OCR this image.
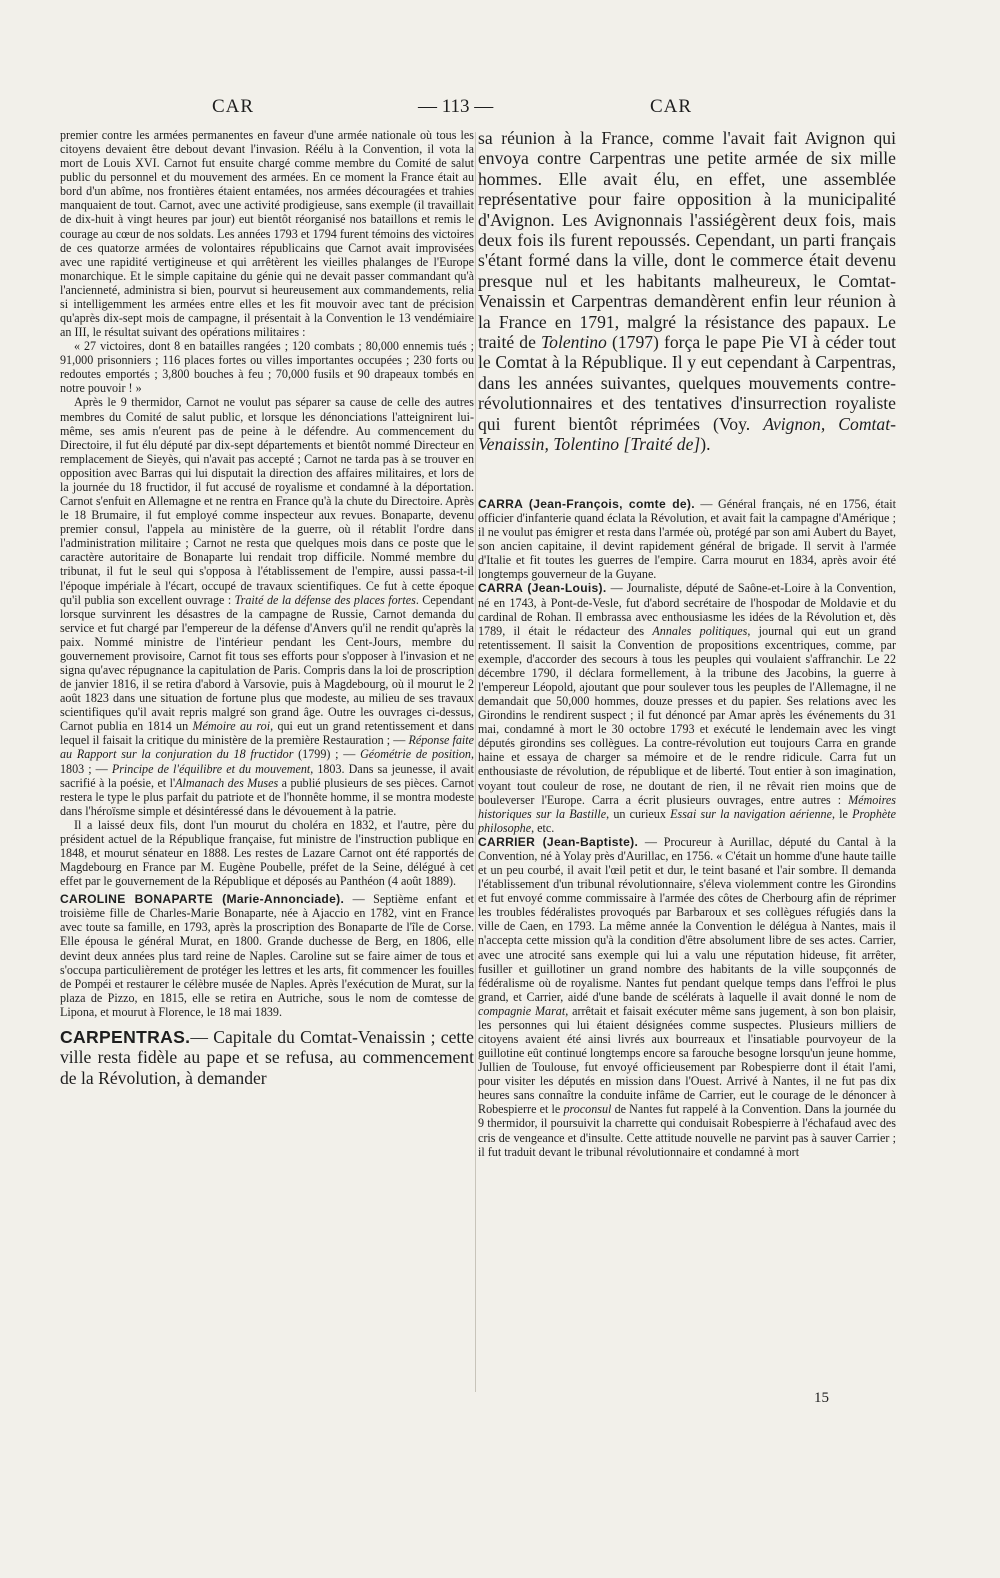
CAR	— 113 —	CAR

premier contre les armées permanentes en faveur d'une armée nationale où tous les citoyens devaient être debout devant l'invasion. Réélu à la Convention, il vota la mort de Louis XVI. Carnot fut ensuite chargé comme membre du Comité de salut public du personnel et du mouvement des armées. En ce moment la France était au bord d'un abîme, nos frontières étaient entamées, nos armées découragées et trahies manquaient de tout. Carnot, avec une activité prodigieuse, sans exemple (il travaillait de dix-huit à vingt heures par jour) eut bientôt réorganisé nos bataillons et remis le courage au cœur de nos soldats. Les années 1793 et 1794 furent témoins des victoires de ces quatorze armées de volontaires républicains que Carnot avait improvisées avec une rapidité vertigineuse et qui arrêtèrent les vieilles phalanges de l'Europe monarchique. Et le simple capitaine du génie qui ne devait passer commandant qu'à l'ancienneté, administra si bien, pourvut si heureusement aux commandements, relia si intelligemment les armées entre elles et les fit mouvoir avec tant de précision qu'après dix-sept mois de campagne, il présentait à la Convention le 13 vendémiaire an III, le résultat suivant des opérations militaires :

« 27 victoires, dont 8 en batailles rangées ; 120 combats ; 80,000 ennemis tués ; 91,000 prisonniers ; 116 places fortes ou villes importantes occupées ; 230 forts ou redoutes emportés ; 3,800 bouches à feu ; 70,000 fusils et 90 drapeaux tombés en notre pouvoir ! »

Après le 9 thermidor, Carnot ne voulut pas séparer sa cause de celle des autres membres du Comité de salut public, et lorsque les dénonciations l'atteignirent lui-même, ses amis n'eurent pas de peine à le défendre. Au commencement du Directoire, il fut élu député par dix-sept départements et bientôt nommé Directeur en remplacement de Sieyès, qui n'avait pas accepté ; Carnot ne tarda pas à se trouver en opposition avec Barras qui lui disputait la direction des affaires militaires, et lors de la journée du 18 fructidor, il fut accusé de royalisme et condamné à la déportation. Carnot s'enfuit en Allemagne et ne rentra en France qu'à la chute du Directoire. Après le 18 Brumaire, il fut employé comme inspecteur aux revues. Bonaparte, devenu premier consul, l'appela au ministère de la guerre, où il rétablit l'ordre dans l'administration militaire ; Carnot ne resta que quelques mois dans ce poste que le caractère autoritaire de Bonaparte lui rendait trop difficile. Nommé membre du tribunat, il fut le seul qui s'opposa à l'établissement de l'empire, aussi passa-t-il l'époque impériale à l'écart, occupé de travaux scientifiques. Ce fut à cette époque qu'il publia son excellent ouvrage : Traité de la défense des places fortes. Cependant lorsque survinrent les désastres de la campagne de Russie, Carnot demanda du service et fut chargé par l'empereur de la défense d'Anvers qu'il ne rendit qu'après la paix. Nommé ministre de l'intérieur pendant les Cent-Jours, membre du gouvernement provisoire, Carnot fit tous ses efforts pour s'opposer à l'invasion et ne signa qu'avec répugnance la capitulation de Paris. Compris dans la loi de proscription de janvier 1816, il se retira d'abord à Varsovie, puis à Magdebourg, où il mourut le 2 août 1823 dans une situation de fortune plus que modeste, au milieu de ses travaux scientifiques qu'il avait repris malgré son grand âge. Outre les ouvrages ci-dessus, Carnot publia en 1814 un Mémoire au roi, qui eut un grand retentissement et dans lequel il faisait la critique du ministère de la première Restauration ; — Réponse faite au Rapport sur la conjuration du 18 fructidor (1799) ; — Géométrie de position, 1803 ; — Principe de l'équilibre et du mouvement, 1803. Dans sa jeunesse, il avait sacrifié à la poésie, et l'Almanach des Muses a publié plusieurs de ses pièces. Carnot restera le type le plus parfait du patriote et de l'honnête homme, il se montra modeste dans l'héroïsme simple et désintéressé dans le dévouement à la patrie.

Il a laissé deux fils, dont l'un mourut du choléra en 1832, et l'autre, père du président actuel de la République française, fut ministre de l'instruction publique en 1848, et mourut sénateur en 1888. Les restes de Lazare Carnot ont été rapportés de Magdebourg en France par M. Eugène Poubelle, préfet de la Seine, délégué à cet effet par le gouvernement de la République et déposés au Panthéon (4 août 1889).

CAROLINE BONAPARTE (Marie-Annonciade). — Septième enfant et troisième fille de Charles-Marie Bonaparte, née à Ajaccio en 1782, vint en France avec toute sa famille, en 1793, après la proscription des Bonaparte de l'île de Corse. Elle épousa le général Murat, en 1800. Grande duchesse de Berg, en 1806, elle devint deux années plus tard reine de Naples. Caroline sut se faire aimer de tous et s'occupa particulièrement de protéger les lettres et les arts, fit commencer les fouilles de Pompéi et restaurer le célèbre musée de Naples. Après l'exécution de Murat, sur la plaza de Pizzo, en 1815, elle se retira en Autriche, sous le nom de comtesse de Lipona, et mourut à Florence, le 18 mai 1839.

CARPENTRAS.— Capitale du Comtat-Venaissin ; cette ville resta fidèle au pape et se refusa, au commencement de la Révolution, à demander

sa réunion à la France, comme l'avait fait Avignon qui envoya contre Carpentras une petite armée de six mille hommes. Elle avait élu, en effet, une assemblée représentative pour faire opposition à la municipalité d'Avignon. Les Avignonnais l'assiégèrent deux fois, mais deux fois ils furent repoussés. Cependant, un parti français s'étant formé dans la ville, dont le commerce était devenu presque nul et les habitants malheureux, le Comtat-Venaissin et Carpentras demandèrent enfin leur réunion à la France en 1791, malgré la résistance des papaux. Le traité de Tolentino (1797) força le pape Pie VI à céder tout le Comtat à la République. Il y eut cependant à Carpentras, dans les années suivantes, quelques mouvements contre-révolutionnaires et des tentatives d'insurrection royaliste qui furent bientôt réprimées (Voy. Avignon, Comtat-Venaissin, Tolentino [Traité de]).

CARRA (Jean-François, comte de). — Général français, né en 1756, était officier d'infanterie quand éclata la Révolution, et avait fait la campagne d'Amérique ; il ne voulut pas émigrer et resta dans l'armée où, protégé par son ami Aubert du Bayet, son ancien capitaine, il devint rapidement général de brigade. Il servit à l'armée d'Italie et fit toutes les guerres de l'empire. Carra mourut en 1834, après avoir été longtemps gouverneur de la Guyane.

CARRA (Jean-Louis). — Journaliste, député de Saône-et-Loire à la Convention, né en 1743, à Pont-de-Vesle, fut d'abord secrétaire de l'hospodar de Moldavie et du cardinal de Rohan. Il embrassa avec enthousiasme les idées de la Révolution et, dès 1789, il était le rédacteur des Annales politiques, journal qui eut un grand retentissement. Il saisit la Convention de propositions excentriques, comme, par exemple, d'accorder des secours à tous les peuples qui voulaient s'affranchir. Le 22 décembre 1790, il déclara formellement, à la tribune des Jacobins, la guerre à l'empereur Léopold, ajoutant que pour soulever tous les peuples de l'Allemagne, il ne demandait que 50,000 hommes, douze presses et du papier. Ses relations avec les Girondins le rendirent suspect ; il fut dénoncé par Amar après les événements du 31 mai, condamné à mort le 30 octobre 1793 et exécuté le lendemain avec les vingt députés girondins ses collègues. La contre-révolution eut toujours Carra en grande haine et essaya de charger sa mémoire et de le rendre ridicule. Carra fut un enthousiaste de révolution, de république et de liberté. Tout entier à son imagination, voyant tout couleur de rose, ne doutant de rien, il ne rêvait rien moins que de bouleverser l'Europe. Carra a écrit plusieurs ouvrages, entre autres : Mémoires historiques sur la Bastille, un curieux Essai sur la navigation aérienne, le Prophète philosophe, etc.

CARRIER (Jean-Baptiste). — Procureur à Aurillac, député du Cantal à la Convention, né à Yolay près d'Aurillac, en 1756. « C'était un homme d'une haute taille et un peu courbé, il avait l'œil petit et dur, le teint basané et l'air sombre. Il demanda l'établissement d'un tribunal révolutionnaire, s'éleva violemment contre les Girondins et fut envoyé comme commissaire à l'armée des côtes de Cherbourg afin de réprimer les troubles fédéralistes provoqués par Barbaroux et ses collègues réfugiés dans la ville de Caen, en 1793. La même année la Convention le délégua à Nantes, mais il n'accepta cette mission qu'à la condition d'être absolument libre de ses actes. Carrier, avec une atrocité sans exemple qui lui a valu une réputation hideuse, fit arrêter, fusiller et guillotiner un grand nombre des habitants de la ville soupçonnés de fédéralisme où de royalisme. Nantes fut pendant quelque temps dans l'effroi le plus grand, et Carrier, aidé d'une bande de scélérats à laquelle il avait donné le nom de compagnie Marat, arrêtait et faisait exécuter même sans jugement, à son bon plaisir, les personnes qui lui étaient désignées comme suspectes. Plusieurs milliers de citoyens avaient été ainsi livrés aux bourreaux et l'insatiable pourvoyeur de la guillotine eût continué longtemps encore sa farouche besogne lorsqu'un jeune homme, Jullien de Toulouse, fut envoyé officieusement par Robespierre dont il était l'ami, pour visiter les députés en mission dans l'Ouest. Arrivé à Nantes, il ne fut pas dix heures sans connaître la conduite infâme de Carrier, eut le courage de le dénoncer à Robespierre et le proconsul de Nantes fut rappelé à la Convention. Dans la journée du 9 thermidor, il poursuivit la charrette qui conduisait Robespierre à l'échafaud avec des cris de vengeance et d'insulte. Cette attitude nouvelle ne parvint pas à sauver Carrier ; il fut traduit devant le tribunal révolutionnaire et condamné à mort

15
